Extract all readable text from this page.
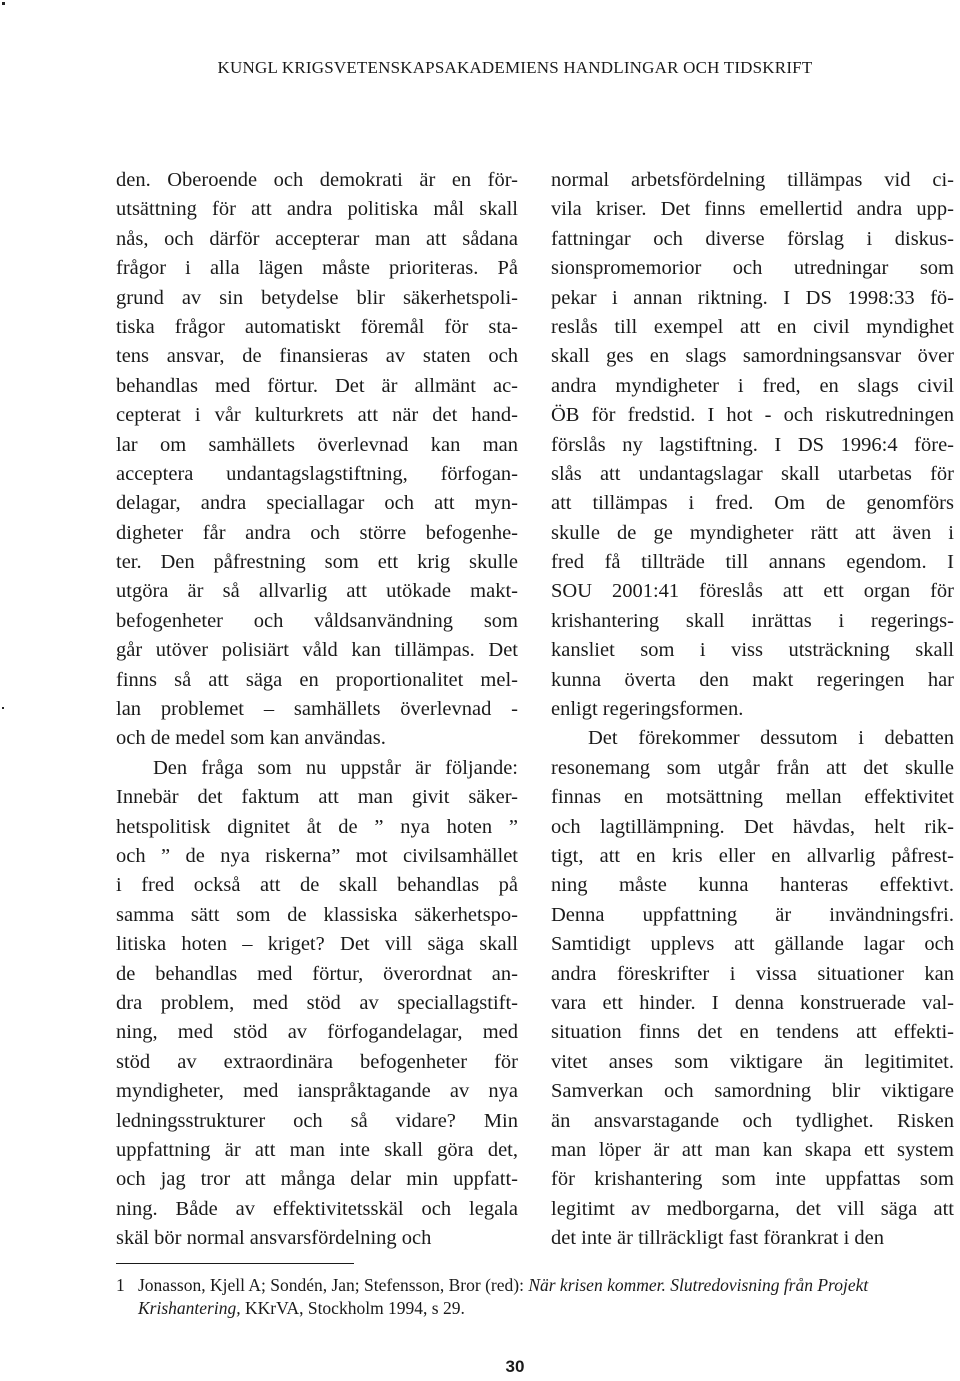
KUNGL KRIGSVETENSKAPSAKADEMIENS HANDLINGAR OCH TIDSKRIFT
den. Oberoende och demokrati är en för-
utsättning för att andra politiska mål skall
nås, och därför accepterar man att sådana
frågor i alla lägen måste prioriteras. På
grund av sin betydelse blir säkerhetspoli-
tiska frågor automatiskt föremål för sta-
tens ansvar, de finansieras av staten och
behandlas med förtur. Det är allmänt ac-
cepterat i vår kulturkrets att när det hand-
lar om samhällets överlevnad kan man
acceptera undantagslagstiftning, förfogan-
delagar, andra speciallagar och att myn-
digheter får andra och större befogenhe-
ter. Den påfrestning som ett krig skulle
utgöra är så allvarlig att utökade makt-
befogenheter och våldsanvändning som
går utöver polisiärt våld kan tillämpas. Det
finns så att säga en proportionalitet mel-
lan problemet – samhällets överlevnad -
och de medel som kan användas.
Den fråga som nu uppstår är följande:
Innebär det faktum att man givit säker-
hetspolitisk dignitet åt de ” nya hoten ”
och ” de nya riskerna” mot civilsamhället
i fred också att de skall behandlas på
samma sätt som de klassiska säkerhetspo-
litiska hoten – kriget? Det vill säga skall
de behandlas med förtur, överordnat an-
dra problem, med stöd av speciallagstift-
ning, med stöd av förfogandelagar, med
stöd av extraordinära befogenheter för
myndigheter, med ianspråktagande av nya
ledningsstrukturer och så vidare? Min
uppfattning är att man inte skall göra det,
och jag tror att många delar min uppfatt-
ning. Både av effektivitetsskäl och legala
skäl bör normal ansvarsfördelning och
normal arbetsfördelning tillämpas vid ci-
vila kriser. Det finns emellertid andra upp-
fattningar och diverse förslag i diskus-
sionspromemorior och utredningar som
pekar i annan riktning. I DS 1998:33 fö-
reslås till exempel att en civil myndighet
skall ges en slags samordningsansvar över
andra myndigheter i fred, en slags civil
ÖB för fredstid. I hot - och riskutredningen
förslås ny lagstiftning. I DS 1996:4 före-
slås att undantagslagar skall utarbetas för
att tillämpas i fred. Om de genomförs
skulle de ge myndigheter rätt att även i
fred få tillträde till annans egendom. I
SOU 2001:41 föreslås att ett organ för
krishantering skall inrättas i regerings-
kansliet som i viss utsträckning skall
kunna överta den makt regeringen har
enligt regeringsformen.
Det förekommer dessutom i debatten
resonemang som utgår från att det skulle
finnas en motsättning mellan effektivitet
och lagtillämpning. Det hävdas, helt rik-
tigt, att en kris eller en allvarlig påfrest-
ning måste kunna hanteras effektivt.
Denna uppfattning är invändningsfri.
Samtidigt upplevs att gällande lagar och
andra föreskrifter i vissa situationer kan
vara ett hinder. I denna konstruerade val-
situation finns det en tendens att effekti-
vitet anses som viktigare än legitimitet.
Samverkan och samordning blir viktigare
än ansvarstagande och tydlighet. Risken
man löper är att man kan skapa ett system
för krishantering som inte uppfattas som
legitimt av medborgarna, det vill säga att
det inte är tillräckligt fast förankrat i den
1 Jonasson, Kjell A; Sondén, Jan; Stefensson, Bror (red): När krisen kommer. Slutredovisning från Projekt Krishantering, KKrVA, Stockholm 1994, s 29.
30
